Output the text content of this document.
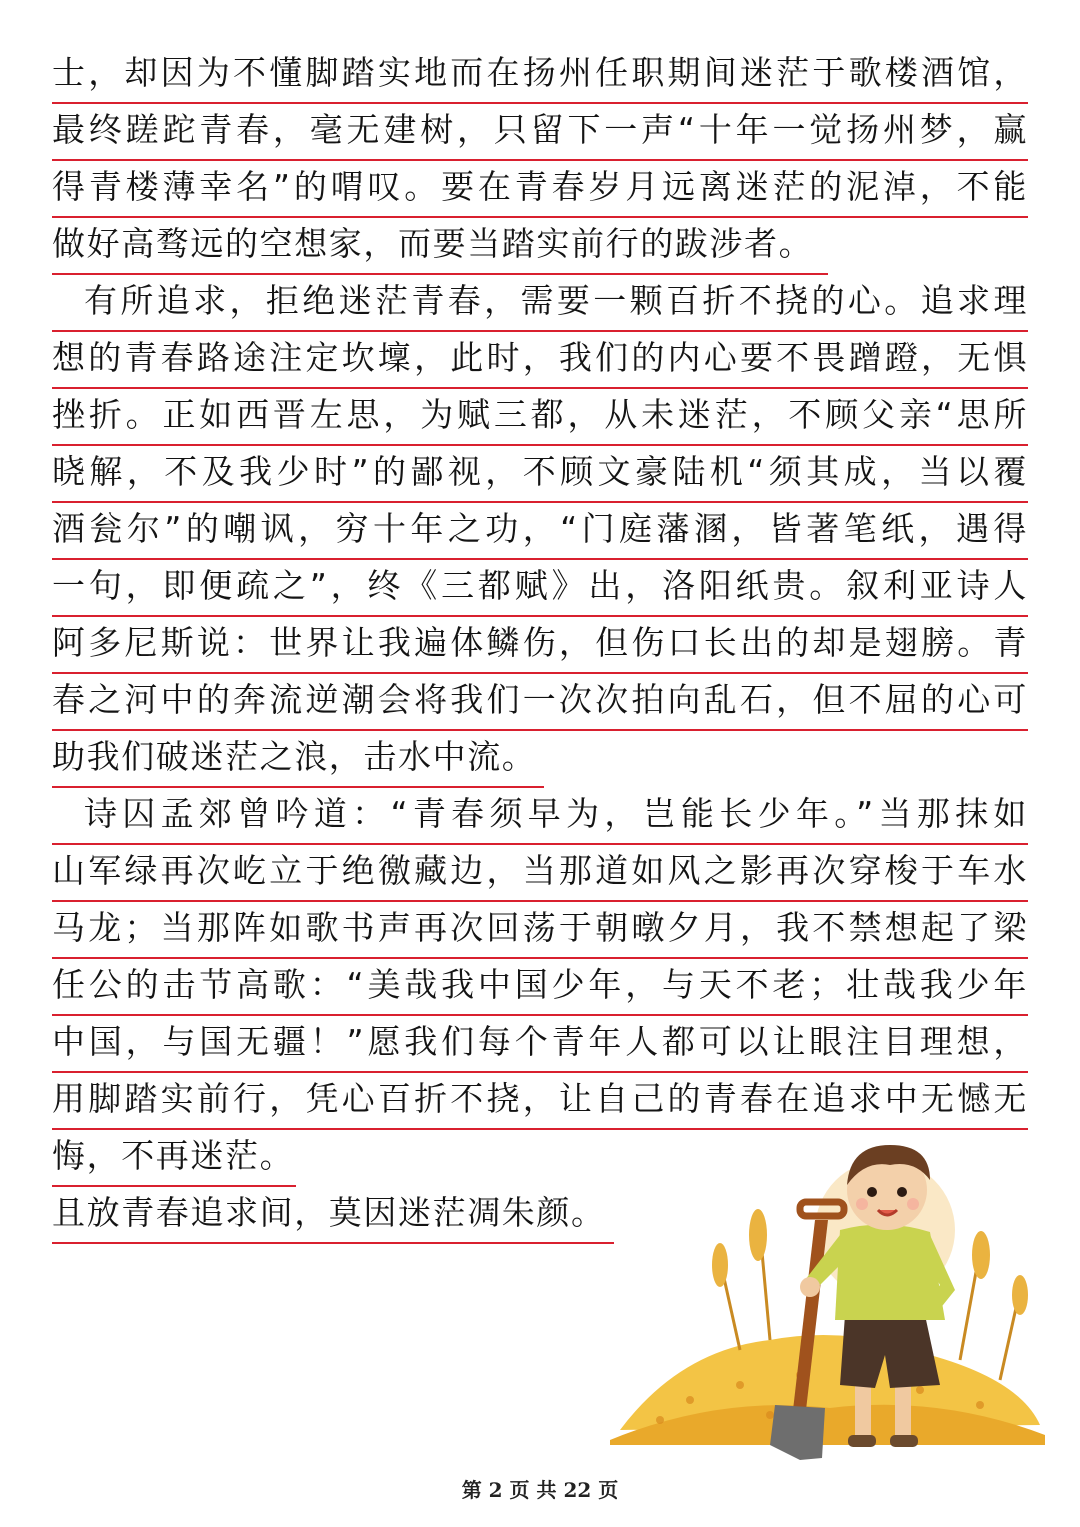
士，却因为不懂脚踏实地而在扬州任职期间迷茫于歌楼酒馆，
最终蹉跎青春，毫无建树，只留下一声“十年一觉扬州梦，赢
得青楼薄幸名”的喟叹。要在青春岁月远离迷茫的泥淖，不能
做好高骛远的空想家，而要当踏实前行的跋涉者。
有所追求，拒绝迷茫青春，需要一颗百折不挠的心。追求理
想的青春路途注定坎壈，此时，我们的内心要不畏蹭蹬，无惧
挫折。正如西晋左思，为赋三都，从未迷茫，不顾父亲“思所
晓解，不及我少时”的鄙视，不顾文豪陆机“须其成，当以覆
酒瓮尔”的嘲讽，穷十年之功，“门庭藩溷，皆著笔纸，遇得
一句，即便疏之”，终《三都赋》出，洛阳纸贵。叙利亚诗人
阿多尼斯说：世界让我遍体鳞伤，但伤口长出的却是翅膀。青
春之河中的奔流逆潮会将我们一次次拍向乱石，但不屈的心可
助我们破迷茫之浪，击水中流。
诗囚孟郊曾吟道：“青春须早为，岂能长少年。”当那抹如
山军绿再次屹立于绝徼藏边，当那道如风之影再次穿梭于车水
马龙；当那阵如歌书声再次回荡于朝暾夕月，我不禁想起了梁
任公的击节高歌：“美哉我中国少年，与天不老；壮哉我少年
中国，与国无疆！”愿我们每个青年人都可以让眼注目理想，
用脚踏实前行，凭心百折不挠，让自己的青春在追求中无憾无
悔，不再迷茫。
且放青春追求间，莫因迷茫凋朱颜。
第 2 页 共 22 页
